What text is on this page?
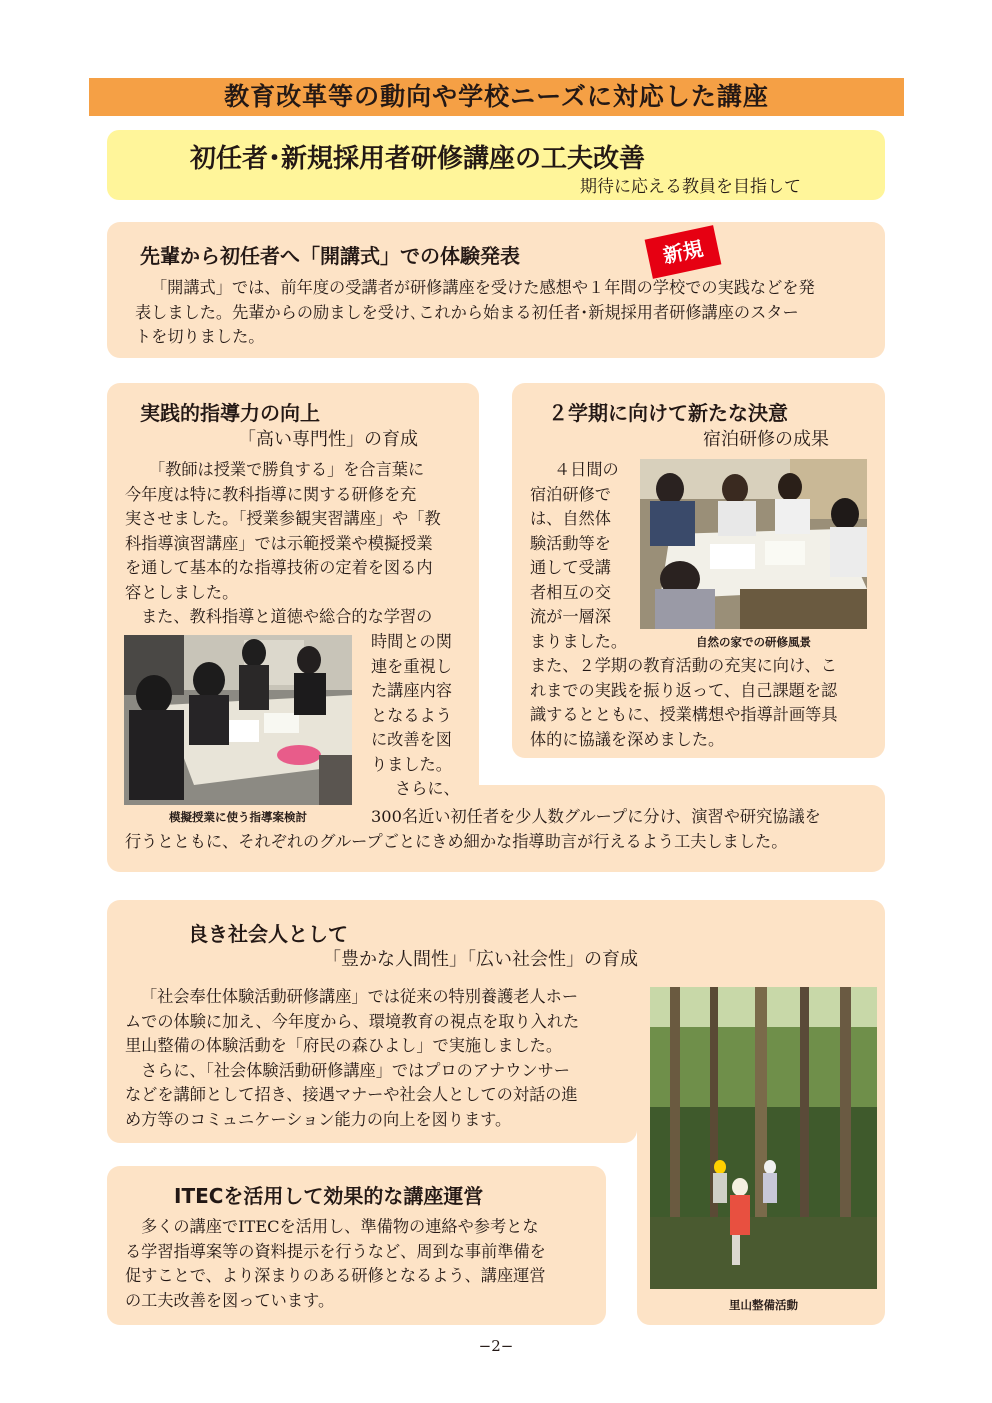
教育改革等の動向や学校ニーズに対応した講座
初任者･新規採用者研修講座の工夫改善
期待に応える教員を目指して
先輩から初任者へ「開講式」での体験発表	新規

「開講式」では、前年度の受講者が研修講座を受けた感想や１年間の学校での実践などを発

表しました。先輩からの励ましを受け､これから始まる初任者･新規採用者研修講座のスター

トを切りました。

実践的指導力の向上
「高い専門性」の育成

「教師は授業で勝負する」を合言葉に

今年度は特に教科指導に関する研修を充

実させました。「授業参観実習講座」や「教

科指導演習講座」では示範授業や模擬授業

を通して基本的な指導技術の定着を図る内

容としました。

また、教科指導と道徳や総合的な学習の

模擬授業に使う指導案検討

時間との関

連を重視し

た講座内容

となるよう

に改善を図

りました。

さらに、

300名近い初任者を少人数グループに分け、演習や研究協議を

行うとともに、それぞれのグループごとにきめ細かな指導助言が行えるよう工夫しました。

２学期に向けて新たな決意
宿泊研修の成果

４日間の

宿泊研修で

は、自然体

験活動等を

通して受講

者相互の交

流が一層深

まりました。	自然の家での研修風景

また、２学期の教育活動の充実に向け、こ

れまでの実践を振り返って、自己課題を認

識するとともに、授業構想や指導計画等具

体的に協議を深めました。

良き社会人として
「豊かな人間性」「広い社会性」の育成

「社会奉仕体験活動研修講座」では従来の特別養護老人ホー

ムでの体験に加え、今年度から、環境教育の視点を取り入れた

里山整備の体験活動を「府民の森ひよし」で実施しました。

さらに、「社会体験活動研修講座」ではプロのアナウンサー

などを講師として招き、接遇マナーや社会人としての対話の進

め方等のコミュニケーション能力の向上を図ります。

里山整備活動
ITECを活用して効果的な講座運営

多くの講座でITECを活用し、準備物の連絡や参考とな

る学習指導案等の資料提示を行うなど、周到な事前準備を

促すことで、より深まりのある研修となるよう、講座運営

の工夫改善を図っています。

−2−
